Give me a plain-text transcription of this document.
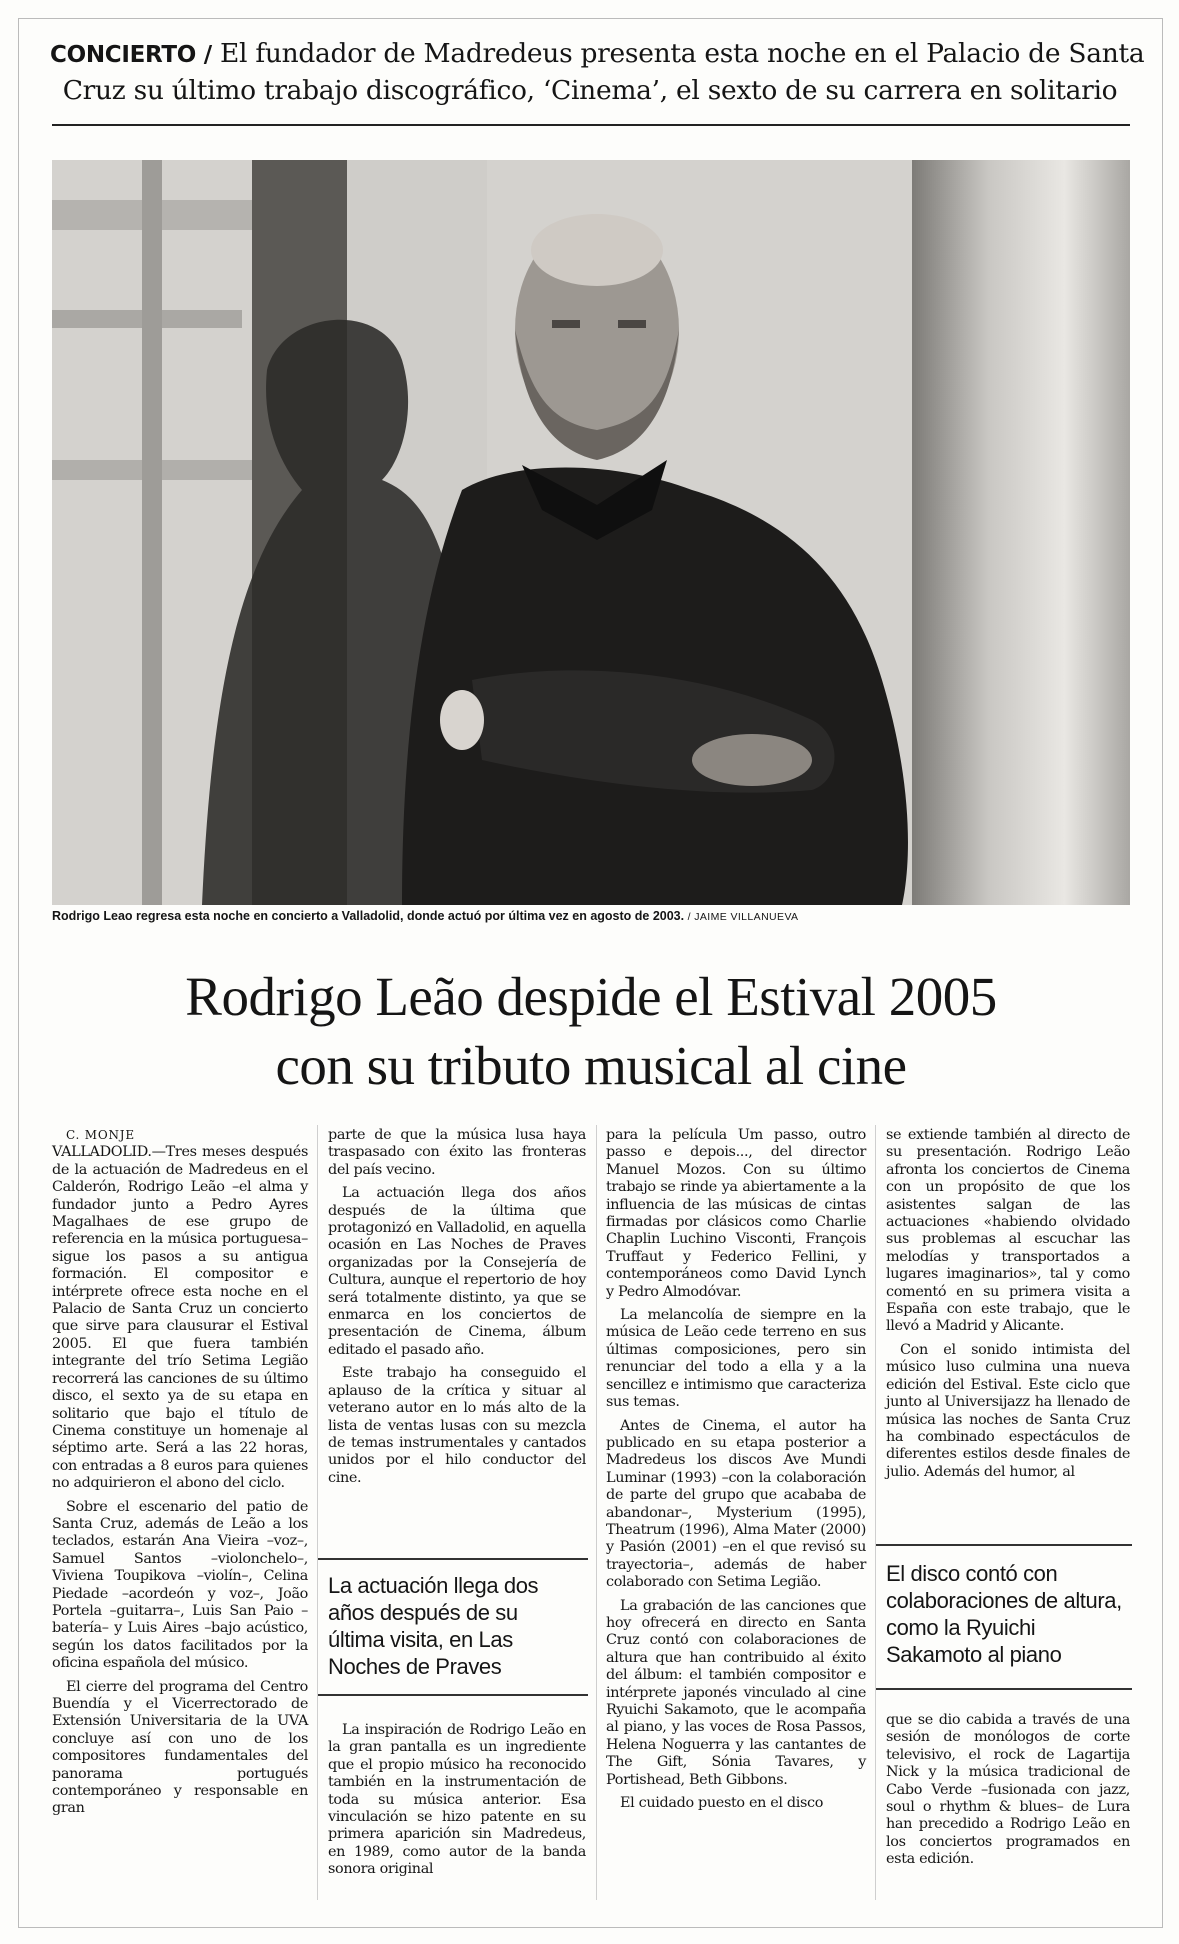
CONCIERTO / El fundador de Madredeus presenta esta noche en el Palacio de Santa
Cruz su último trabajo discográfico, ‘Cinema’, el sexto de su carrera en solitario
Rodrigo Leao regresa esta noche en concierto a Valladolid, donde actuó por última vez en agosto de 2003. / JAIME VILLANUEVA
Rodrigo Leão despide el Estival 2005
con su tributo musical al cine

C. MONJE

VALLADOLID.—Tres meses después de la actuación de Madredeus en el Calderón, Rodrigo Leão –el alma y fundador junto a Pedro Ayres Magalhaes de ese grupo de referencia en la música portuguesa– sigue los pasos a su antigua formación. El compositor e intérprete ofrece esta noche en el Palacio de Santa Cruz un concierto que sirve para clausurar el Estival 2005. El que fuera también integrante del trío Setima Legião recorrerá las canciones de su último disco, el sexto ya de su etapa en solitario que bajo el título de Cinema constituye un homenaje al séptimo arte. Será a las 22 horas, con entradas a 8 euros para quienes no adquirieron el abono del ciclo.

Sobre el escenario del patio de Santa Cruz, además de Leão a los teclados, estarán Ana Vieira –voz–, Samuel Santos –violonchelo–, Viviena Toupikova –violín–, Celina Piedade –acordeón y voz–, João Portela –guitarra–, Luis San Paio –batería– y Luis Aires –bajo acústico, según los datos facilitados por la oficina española del músico.

El cierre del programa del Centro Buendía y el Vicerrectorado de Extensión Universitaria de la UVA concluye así con uno de los compositores fundamentales del panorama portugués contemporáneo y responsable en gran

parte de que la música lusa haya traspasado con éxito las fronteras del país vecino.

La actuación llega dos años después de la última que protagonizó en Valladolid, en aquella ocasión en Las Noches de Praves organizadas por la Consejería de Cultura, aunque el repertorio de hoy será totalmente distinto, ya que se enmarca en los conciertos de presentación de Cinema, álbum editado el pasado año.

Este trabajo ha conseguido el aplauso de la crítica y situar al veterano autor en lo más alto de la lista de ventas lusas con su mezcla de temas instrumentales y cantados unidos por el hilo conductor del cine.

La actuación llega dos años después de su última visita, en Las Noches de Praves

La inspiración de Rodrigo Leão en la gran pantalla es un ingrediente que el propio músico ha reconocido también en la instrumentación de toda su música anterior. Esa vinculación se hizo patente en su primera aparición sin Madredeus, en 1989, como autor de la banda sonora original

para la película Um passo, outro passo e depois..., del director Manuel Mozos. Con su último trabajo se rinde ya abiertamente a la influencia de las músicas de cintas firmadas por clásicos como Charlie Chaplin Luchino Visconti, François Truffaut y Federico Fellini, y contemporáneos como David Lynch y Pedro Almodóvar.

La melancolía de siempre en la música de Leão cede terreno en sus últimas composiciones, pero sin renunciar del todo a ella y a la sencillez e intimismo que caracteriza sus temas.

Antes de Cinema, el autor ha publicado en su etapa posterior a Madredeus los discos Ave Mundi Luminar (1993) –con la colaboración de parte del grupo que acababa de abandonar–, Mysterium (1995), Theatrum (1996), Alma Mater (2000) y Pasión (2001) –en el que revisó su trayectoria–, además de haber colaborado con Setima Legião.

La grabación de las canciones que hoy ofrecerá en directo en Santa Cruz contó con colaboraciones de altura que han contribuido al éxito del álbum: el también compositor e intérprete japonés vinculado al cine Ryuichi Sakamoto, que le acompaña al piano, y las voces de Rosa Passos, Helena Noguerra y las cantantes de The Gift, Sónia Tavares, y Portishead, Beth Gibbons.

El cuidado puesto en el disco

se extiende también al directo de su presentación. Rodrigo Leão afronta los conciertos de Cinema con un propósito de que los asistentes salgan de las actuaciones «habiendo olvidado sus problemas al escuchar las melodías y transportados a lugares imaginarios», tal y como comentó en su primera visita a España con este trabajo, que le llevó a Madrid y Alicante.

Con el sonido intimista del músico luso culmina una nueva edición del Estival. Este ciclo que junto al Universijazz ha llenado de música las noches de Santa Cruz ha combinado espectáculos de diferentes estilos desde finales de julio. Además del humor, al

El disco contó con colaboraciones de altura, como la Ryuichi Sakamoto al piano

que se dio cabida a través de una sesión de monólogos de corte televisivo, el rock de Lagartija Nick y la música tradicional de Cabo Verde –fusionada con jazz, soul o rhythm & blues– de Lura han precedido a Rodrigo Leão en los conciertos programados en esta edición.
